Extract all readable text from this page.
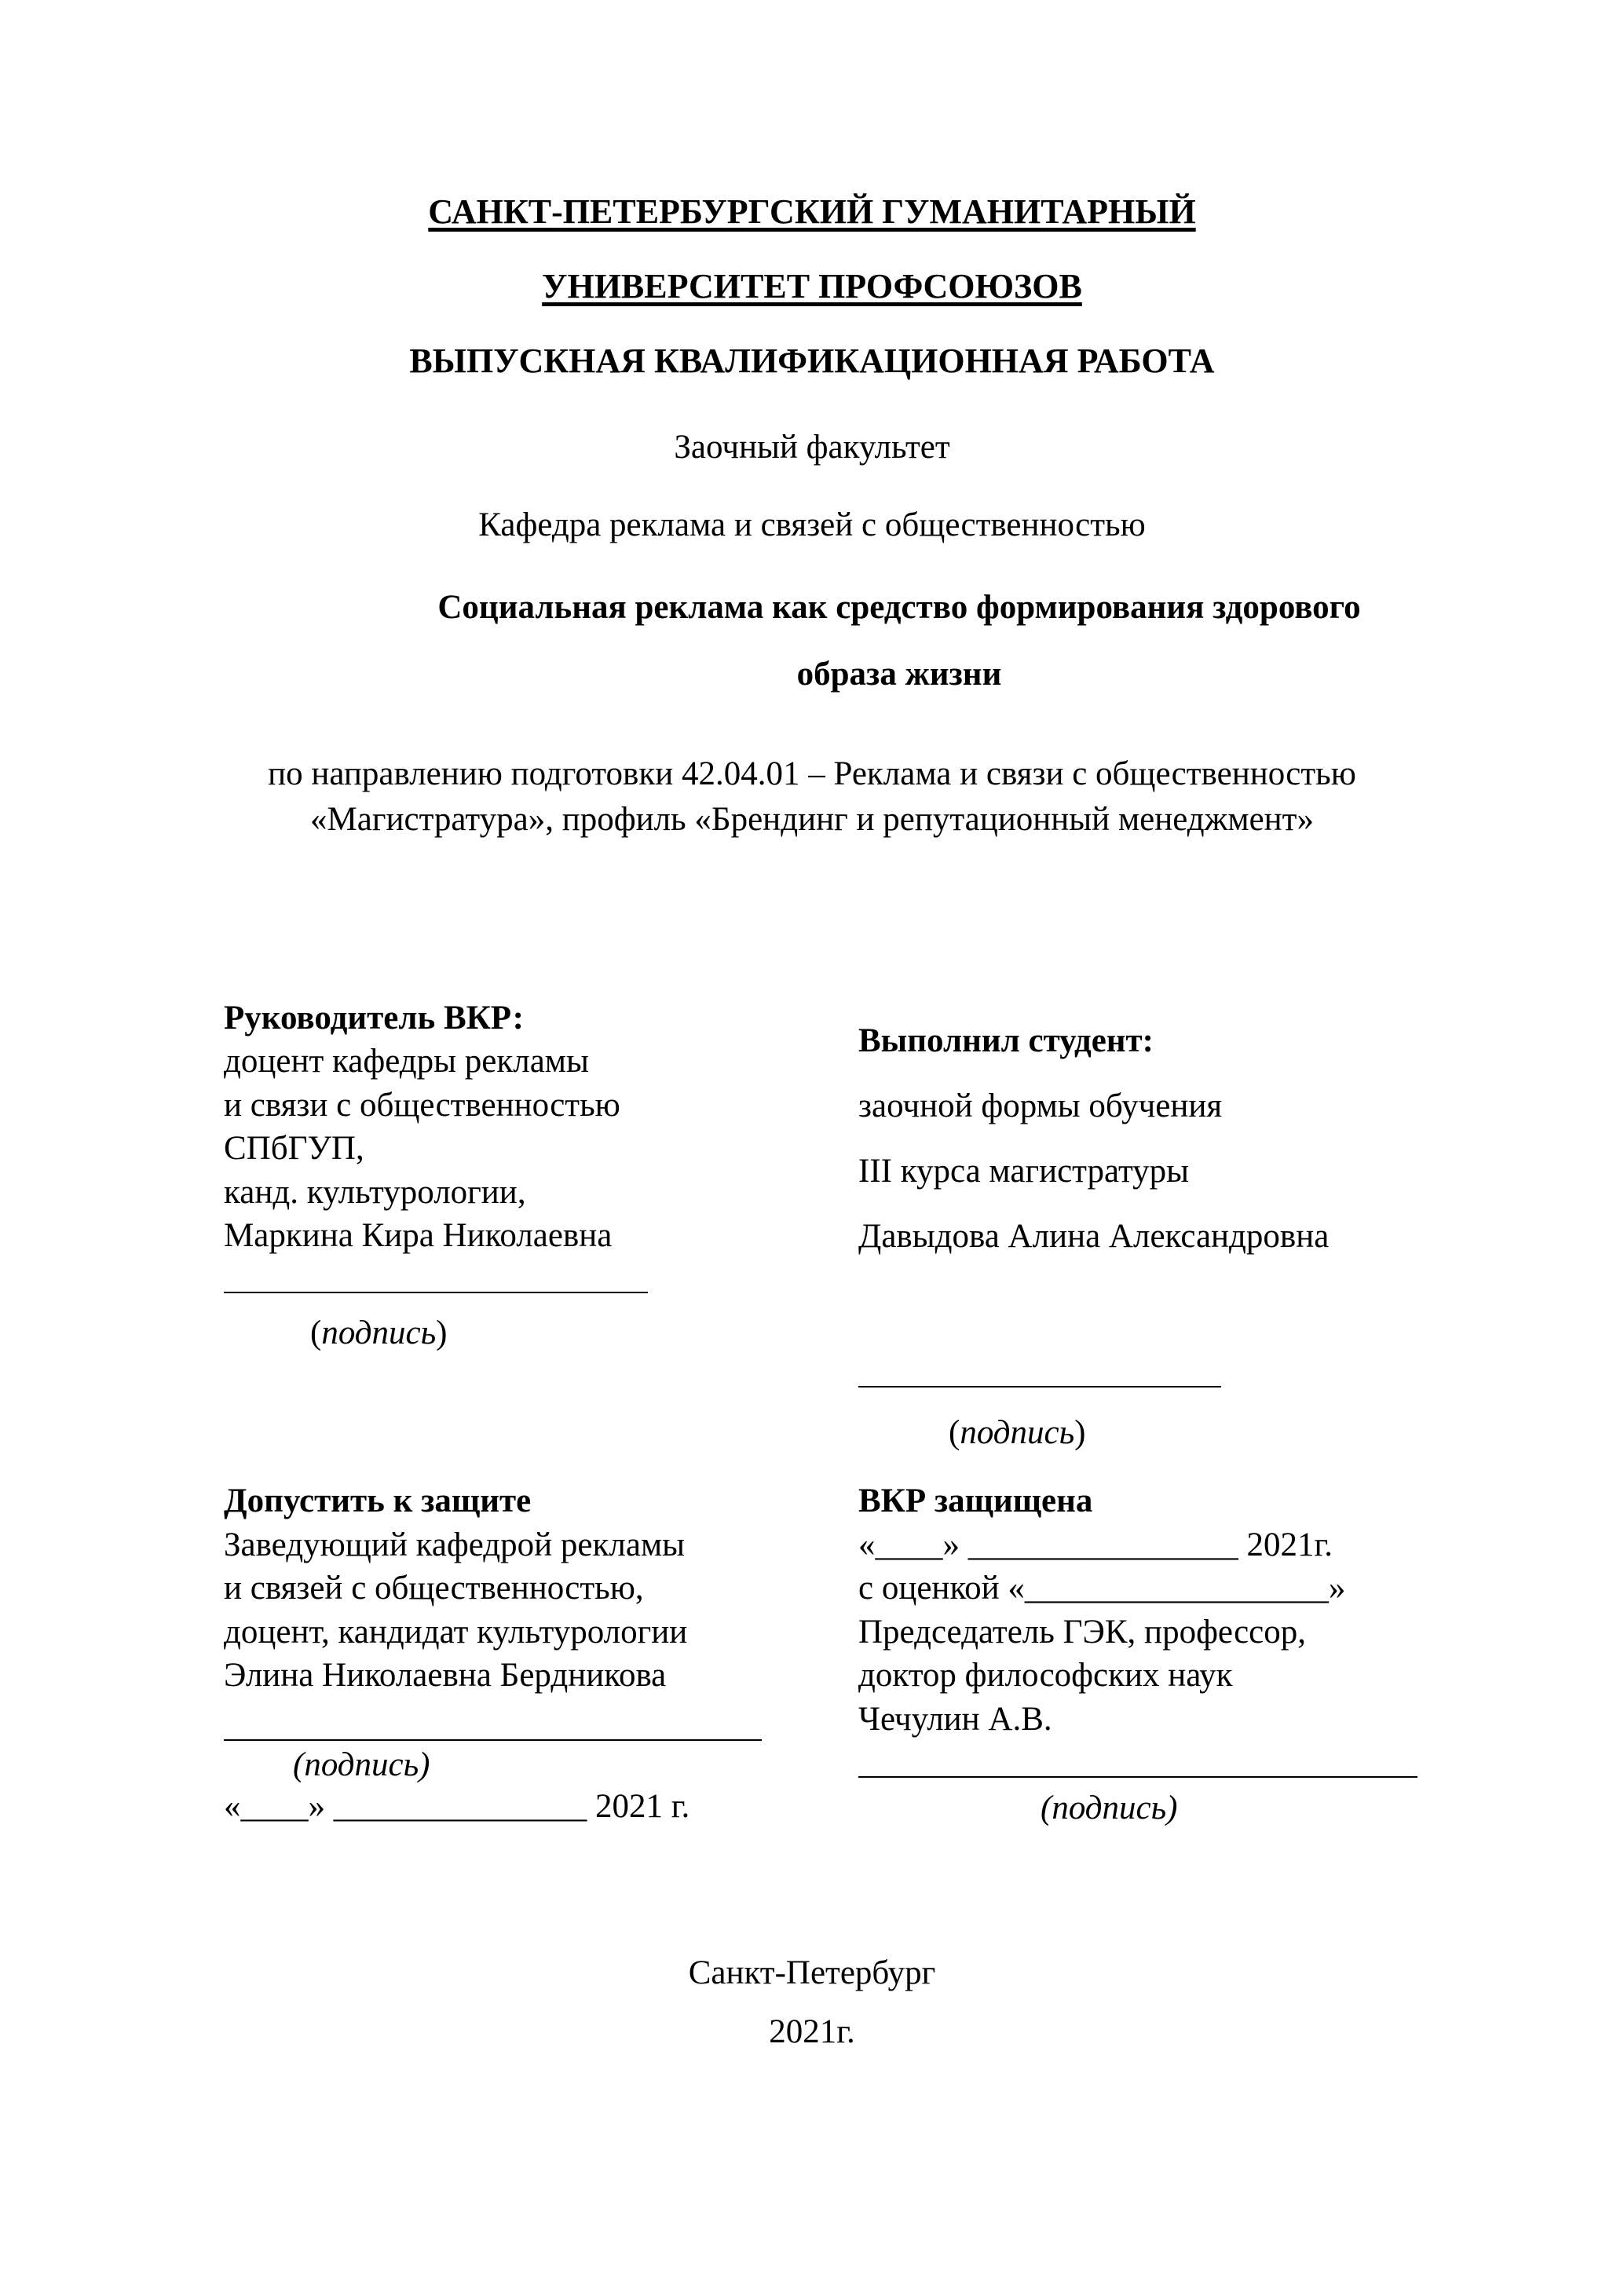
САНКТ-ПЕТЕРБУРГСКИЙ ГУМАНИТАРНЫЙ
УНИВЕРСИТЕТ ПРОФСОЮЗОВ
ВЫПУСКНАЯ КВАЛИФИКАЦИОННАЯ РАБОТА
Заочный факультет
Кафедра реклама и связей с общественностью
Социальная реклама как средство формирования здорового
образа жизни
по направлению подготовки 42.04.01 – Реклама и связи с общественностью
«Магистратура», профиль «Брендинг и репутационный менеджмент»
Руководитель ВКР:
доцент кафедры рекламы
и связи с общественностью
СПбГУП,
канд. культурологии,
Маркина Кира Николаевна
(подпись)
Выполнил студент:
заочной формы обучения
III курса магистратуры
Давыдова Алина Александровна
(подпись)
Допустить к защите
Заведующий кафедрой рекламы
и связей с общественностью,
доцент, кандидат культурологии
Элина Николаевна Бердникова
(подпись)
«____» _______________ 2021 г.
ВКР защищена
«____» ________________ 2021г.
с оценкой «__________________»
Председатель ГЭК, профессор,
доктор философских наук
Чечулин А.В.
(подпись)
Санкт-Петербург
2021г.
